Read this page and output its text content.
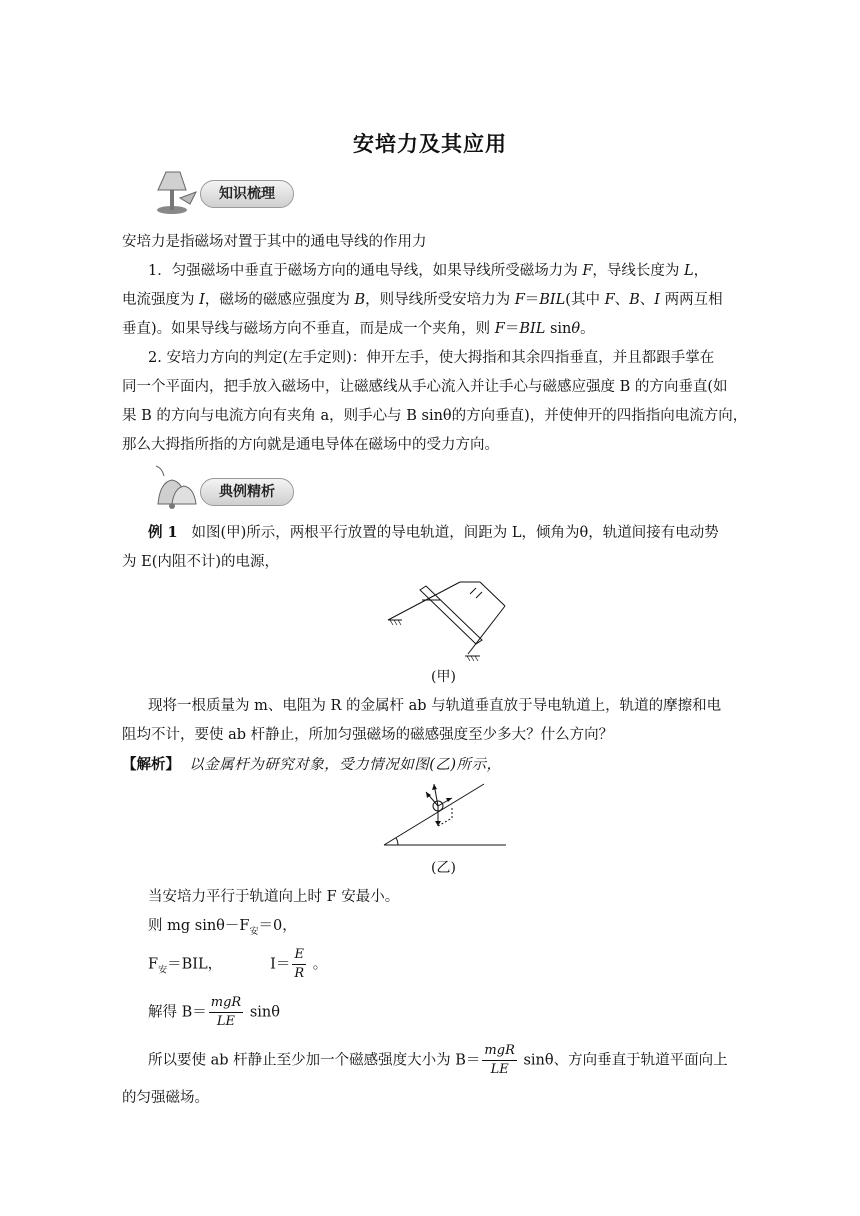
安培力及其应用
知识梳理
安培力是指磁场对置于其中的通电导线的作用力
1．匀强磁场中垂直于磁场方向的通电导线，如果导线所受磁场力为 F，导线长度为 L，
电流强度为 I，磁场的磁感应强度为 B，则导线所受安培力为 F＝BIL(其中 F、B、I 两两互相
垂直)。如果导线与磁场方向不垂直，而是成一个夹角，则 F＝BIL sinθ。
2. 安培力方向的判定(左手定则)：伸开左手，使大拇指和其余四指垂直，并且都跟手掌在
同一个平面内，把手放入磁场中，让磁感线从手心流入并让手心与磁感应强度 B 的方向垂直(如
果 B 的方向与电流方向有夹角 a，则手心与 B sinθ的方向垂直)，并使伸开的四指指向电流方向，
那么大拇指所指的方向就是通电导体在磁场中的受力方向。
典例精析
例 1 如图(甲)所示，两根平行放置的导电轨道，间距为 L，倾角为θ，轨道间接有电动势
为 E(内阻不计)的电源，
(甲)
现将一根质量为 m、电阻为 R 的金属杆 ab 与轨道垂直放于导电轨道上，轨道的摩擦和电
阻均不计，要使 ab 杆静止，所加匀强磁场的磁感强度至少多大？什么方向？
【解析】 以金属杆为研究对象，受力情况如图(乙)所示，
(乙)
当安培力平行于轨道向上时 F 安最小。
则 mg $\sin\theta-F_安=0$，
$F_安=BIL$，	$I= \frac{E}{R}$ 。
解得 $B= \frac{\text{mgR}}{LE}$ sinθ
所以要使 ab 杆静止至少加一个磁感强度大小为 $B= \frac{\text{mgR}}{LE}$ sinθ、方向垂直于轨道平面向上
的匀强磁场。
